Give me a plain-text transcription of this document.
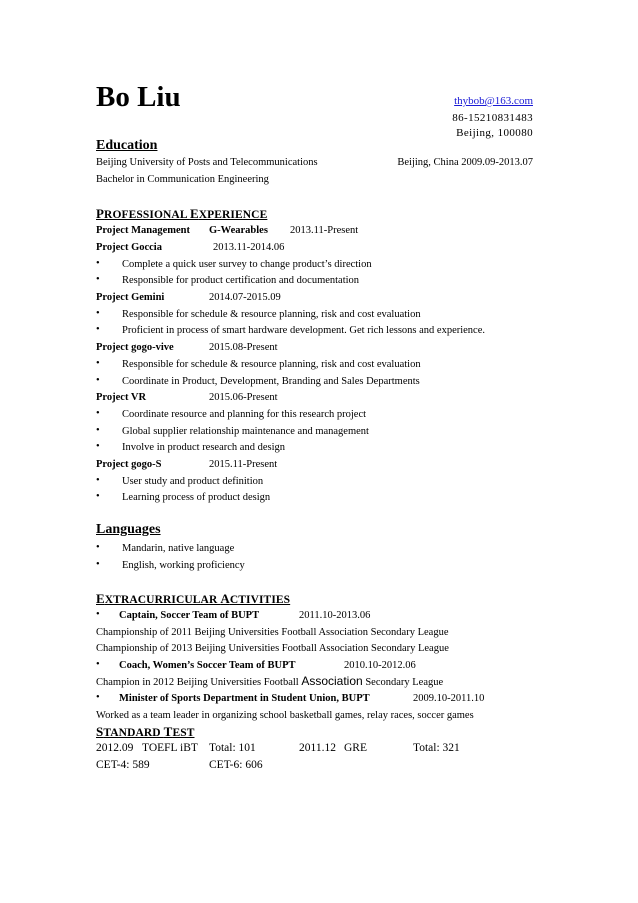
Bo Liu	thybob@163.com
86-15210831483
Beijing, 100080
Education
Beijing University of Posts and Telecommunications	Beijing, China 2009.09-2013.07
Bachelor in Communication Engineering
PROFESSIONAL EXPERIENCE
Project Management G-Wearables 2013.11-Present
Project Goccia	2013.11-2014.06
• Complete a quick user survey to change product’s direction
• Responsible for product certification and documentation
Project Gemini	2014.07-2015.09
• Responsible for schedule & resource planning, risk and cost evaluation
• Proficient in process of smart hardware development. Get rich lessons and experience.
Project gogo-vive	2015.08-Present
• Responsible for schedule & resource planning, risk and cost evaluation
• Coordinate in Product, Development, Branding and Sales Departments
Project VR	2015.06-Present
• Coordinate resource and planning for this research project
• Global supplier relationship maintenance and management
• Involve in product research and design
Project gogo-S	2015.11-Present
• User study and product definition
• Learning process of product design
Languages
• Mandarin, native language
• English, working proficiency
EXTRACURRICULAR ACTIVITIES
• Captain, Soccer Team of BUPT	2011.10-2013.06
Championship of 2011 Beijing Universities Football Association Secondary League
Championship of 2013 Beijing Universities Football Association Secondary League
• Coach, Women’s Soccer Team of BUPT	2010.10-2012.06
Champion in 2012 Beijing Universities Football Association Secondary League
• Minister of Sports Department in Student Union, BUPT	2009.10-2011.10
Worked as a team leader in organizing school basketball games, relay races, soccer games
STANDARD TEST
2012.09 TOEFL iBT Total: 101	2011.12 GRE	Total: 321
CET-4: 589	CET-6: 606
